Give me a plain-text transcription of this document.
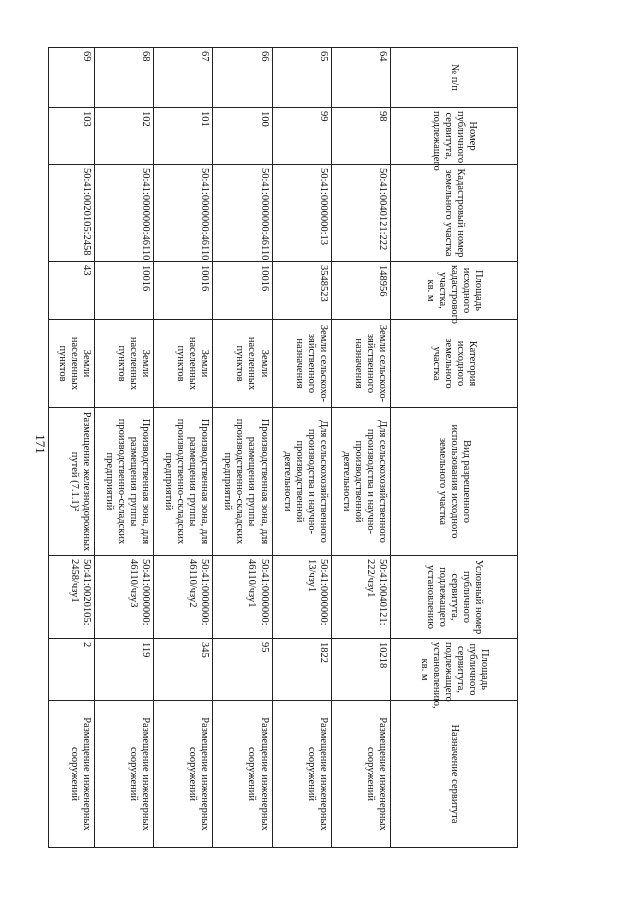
171
№ п/п	Номер публичного сервитута, подлежащего	Кадастровый номер земельного участка	Площадь исходного кадастрового участка, кв. м	Категория исходного земельного участка	Вид разрешенного использования исходного земельного участка	Условный номер публичного сервитута, подлежащего установлению	Площадь публичного сервитута, подлежащего установлению, кв. м	Назначение сервитута
64	98	50:41:0040121:222	148956	Земли сельскохо-зяйственного назначения	Для сельскохозяйственного производства и научно-производственной деятельности	50:41:0040121: 222/чзу1	10218	Размещение инженерных сооружений
65	99	50:41:0000000:13	3548523	Земли сельскохо-зяйственного назначения	Для сельскохозяйственного производства и научно-производственной деятельности	50:41:0000000: 13/чзу1	1822	Размещение инженерных сооружений
66	100	50:41:0000000:46110	10016	Земли населенных пунктов	Производственная зона, для размещения группы производственно-складских предприятий	50:41:0000000: 46110/чзу1	95	Размещение инженерных сооружений
67	101	50:41:0000000:46110	10016	Земли населенных пунктов	Производственная зона, для размещения группы производственно-складских предприятий	50:41:0000000: 46110/чзу2	345	Размещение инженерных сооружений
68	102	50:41:0000000:46110	10016	Земли населенных пунктов	Производственная зона, для размещения группы производственно-складских предприятий	50:41:0000000: 46110/чзу3	119	Размещение инженерных сооружений
69	103	50:41:0020105:2458	43	Земли населенных пунктов	Размещение железнодорожных путей (7.1.1)²	50:41:0020105: 2458/чзу1	2	Размещение инженерных сооружений
